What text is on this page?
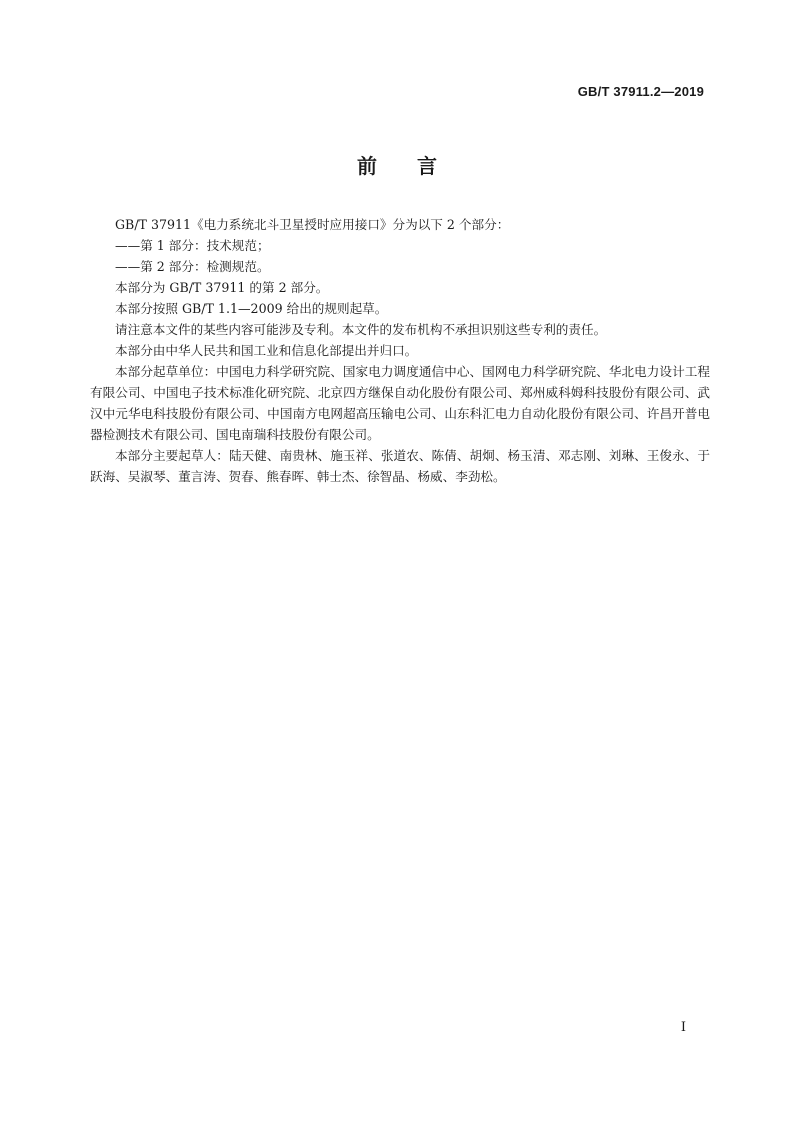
GB/T 37911.2—2019
前言

GB/T 37911《电力系统北斗卫星授时应用接口》分为以下 2 个部分：

——第 1 部分：技术规范；

——第 2 部分：检测规范。

本部分为 GB/T 37911 的第 2 部分。

本部分按照 GB/T 1.1—2009 给出的规则起草。

请注意本文件的某些内容可能涉及专利。本文件的发布机构不承担识别这些专利的责任。

本部分由中华人民共和国工业和信息化部提出并归口。

本部分起草单位：中国电力科学研究院、国家电力调度通信中心、国网电力科学研究院、华北电力设计工程有限公司、中国电子技术标准化研究院、北京四方继保自动化股份有限公司、郑州威科姆科技股份有限公司、武汉中元华电科技股份有限公司、中国南方电网超高压输电公司、山东科汇电力自动化股份有限公司、许昌开普电器检测技术有限公司、国电南瑞科技股份有限公司。

本部分主要起草人：陆天健、南贵林、施玉祥、张道农、陈倩、胡炯、杨玉清、邓志刚、刘琳、王俊永、于跃海、吴淑琴、董言涛、贺春、熊春晖、韩士杰、徐智晶、杨威、李劲松。

I
